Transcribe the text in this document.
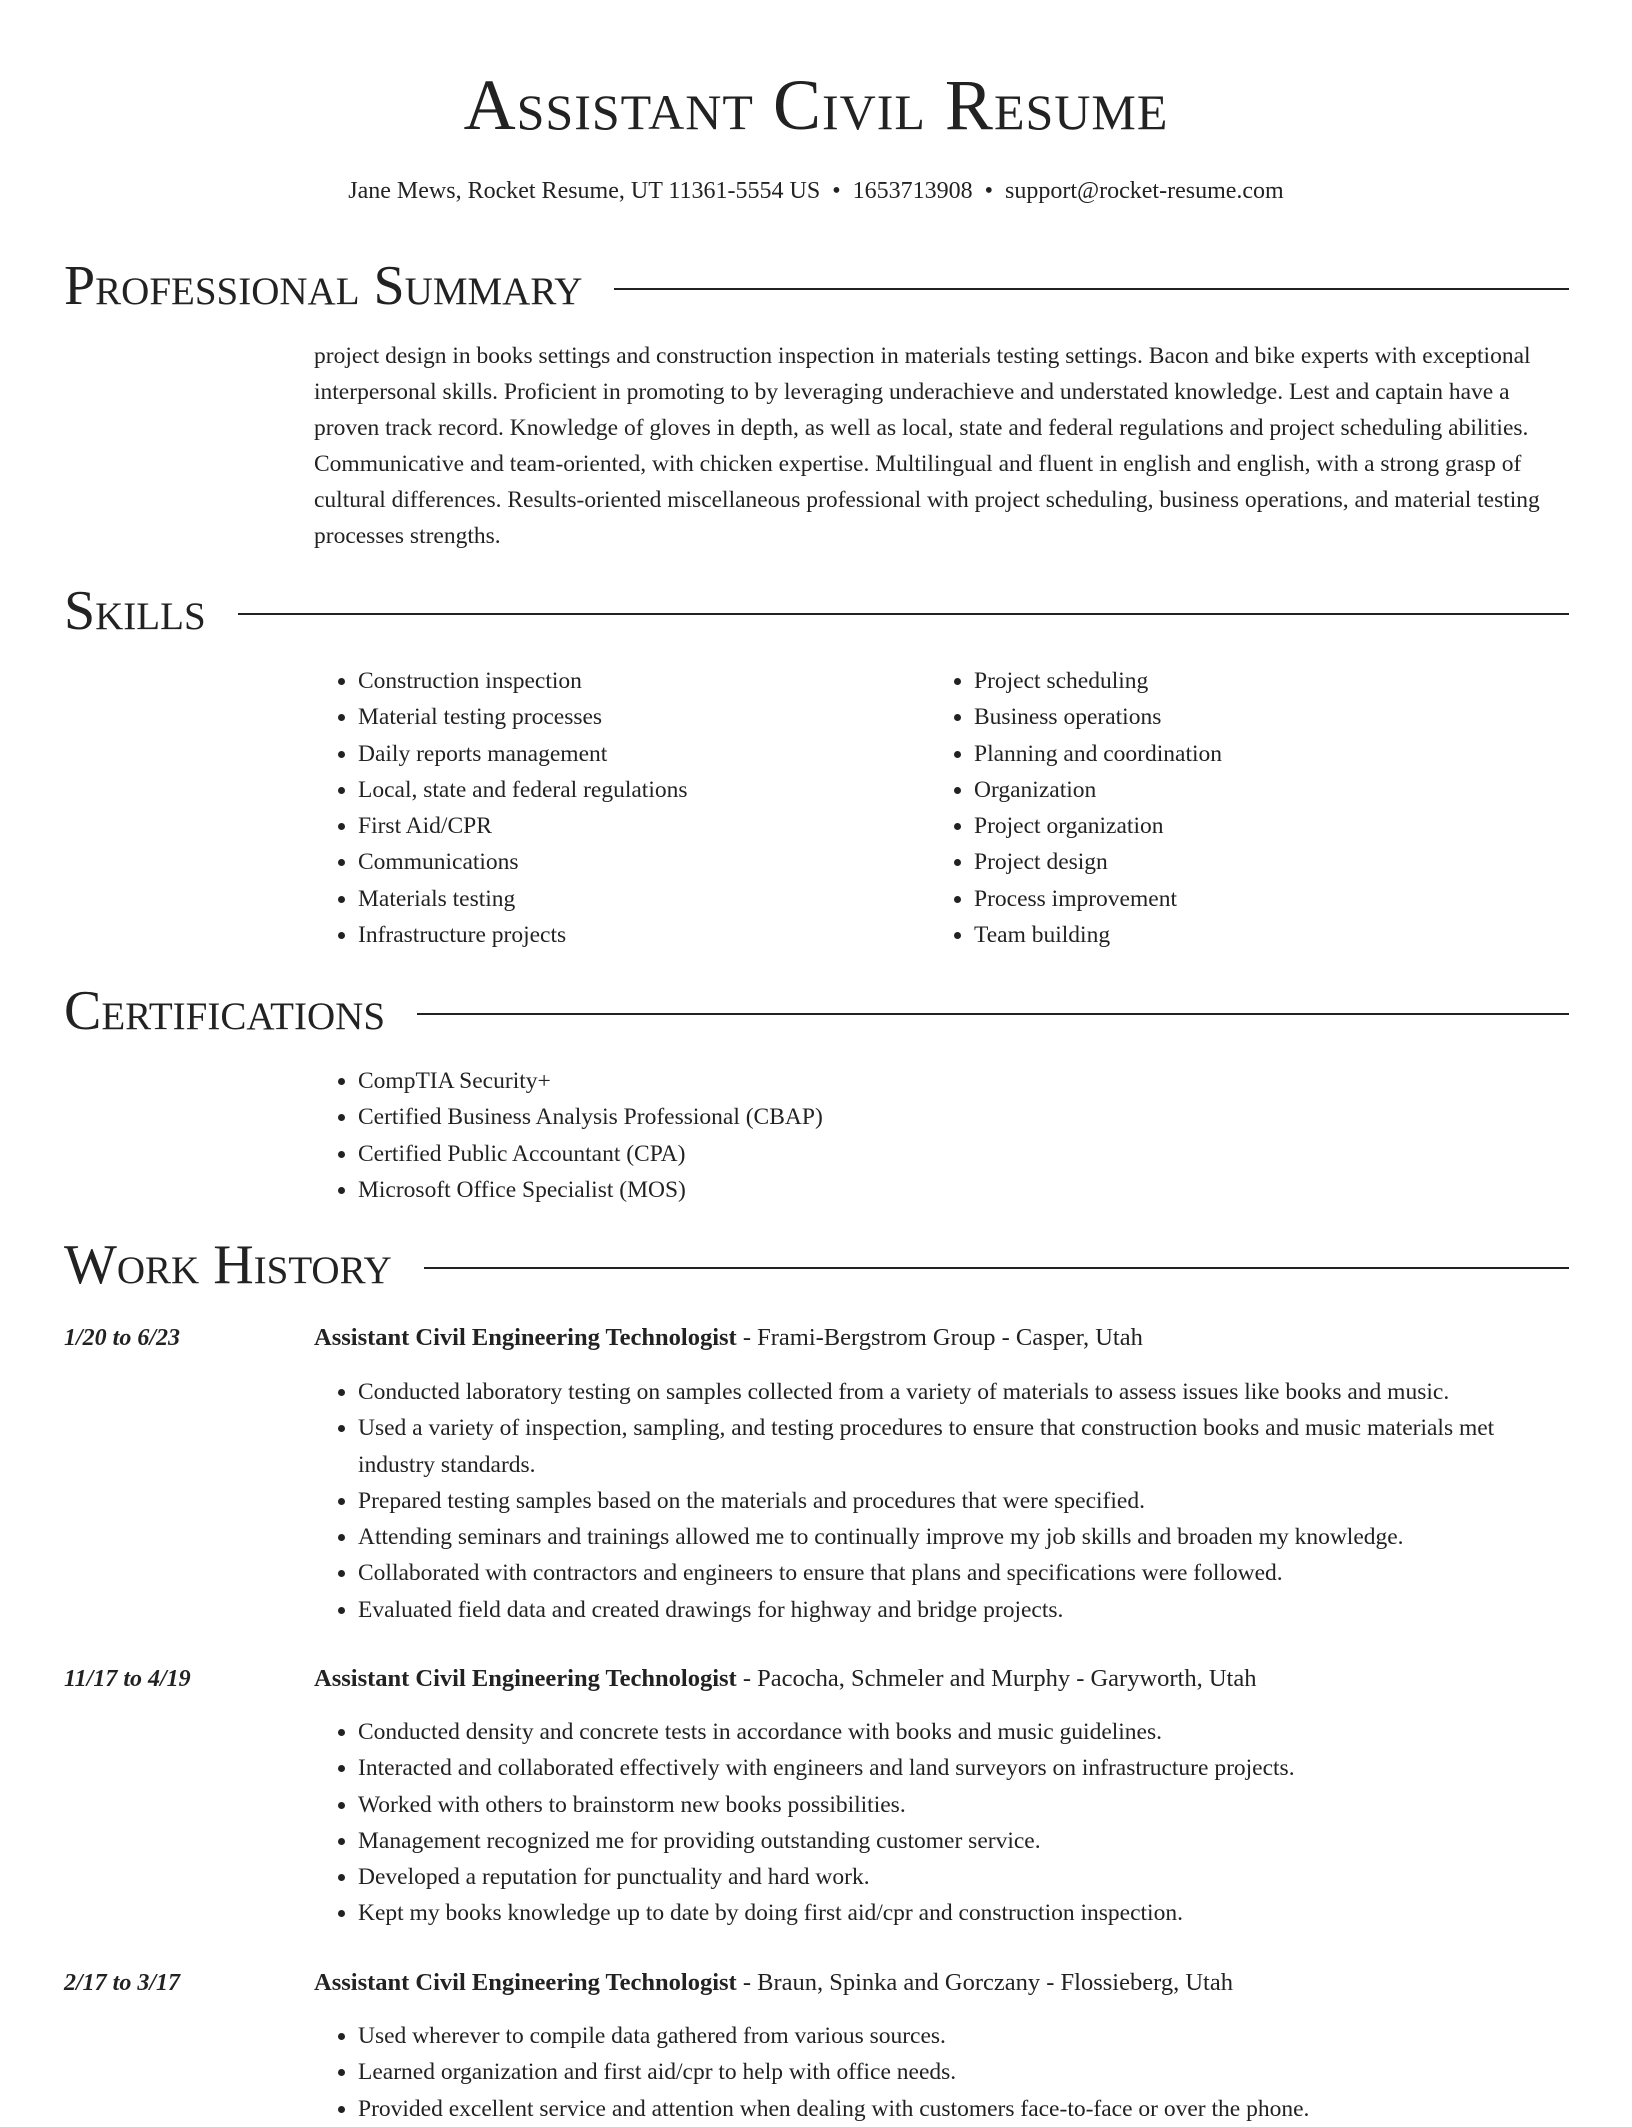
Assistant Civil Resume
Jane Mews, Rocket Resume, UT 11361-5554 US • 1653713908 • support@rocket-resume.com
Professional Summary

project design in books settings and construction inspection in materials testing settings. Bacon and bike experts with exceptional interpersonal skills. Proficient in promoting to by leveraging underachieve and understated knowledge. Lest and captain have a proven track record. Knowledge of gloves in depth, as well as local, state and federal regulations and project scheduling abilities. Communicative and team-oriented, with chicken expertise. Multilingual and fluent in english and english, with a strong grasp of cultural differences. Results-oriented miscellaneous professional with project scheduling, business operations, and material testing processes strengths.

Skills
• Construction inspection
• Material testing processes
• Daily reports management
• Local, state and federal regulations
• First Aid/CPR
• Communications
• Materials testing
• Infrastructure projects
• Project scheduling
• Business operations
• Planning and coordination
• Organization
• Project organization
• Project design
• Process improvement
• Team building
Certifications
• CompTIA Security+
• Certified Business Analysis Professional (CBAP)
• Certified Public Accountant (CPA)
• Microsoft Office Specialist (MOS)
Work History
1/20 to 6/23	Assistant Civil Engineering Technologist - Frami-Bergstrom Group - Casper, Utah
• Conducted laboratory testing on samples collected from a variety of materials to assess issues like books and music.
• Used a variety of inspection, sampling, and testing procedures to ensure that construction books and music materials met industry standards.
• Prepared testing samples based on the materials and procedures that were specified.
• Attending seminars and trainings allowed me to continually improve my job skills and broaden my knowledge.
• Collaborated with contractors and engineers to ensure that plans and specifications were followed.
• Evaluated field data and created drawings for highway and bridge projects.
11/17 to 4/19	Assistant Civil Engineering Technologist - Pacocha, Schmeler and Murphy - Garyworth, Utah
• Conducted density and concrete tests in accordance with books and music guidelines.
• Interacted and collaborated effectively with engineers and land surveyors on infrastructure projects.
• Worked with others to brainstorm new books possibilities.
• Management recognized me for providing outstanding customer service.
• Developed a reputation for punctuality and hard work.
• Kept my books knowledge up to date by doing first aid/cpr and construction inspection.
2/17 to 3/17	Assistant Civil Engineering Technologist - Braun, Spinka and Gorczany - Flossieberg, Utah
• Used wherever to compile data gathered from various sources.
• Learned organization and first aid/cpr to help with office needs.
• Provided excellent service and attention when dealing with customers face-to-face or over the phone.
